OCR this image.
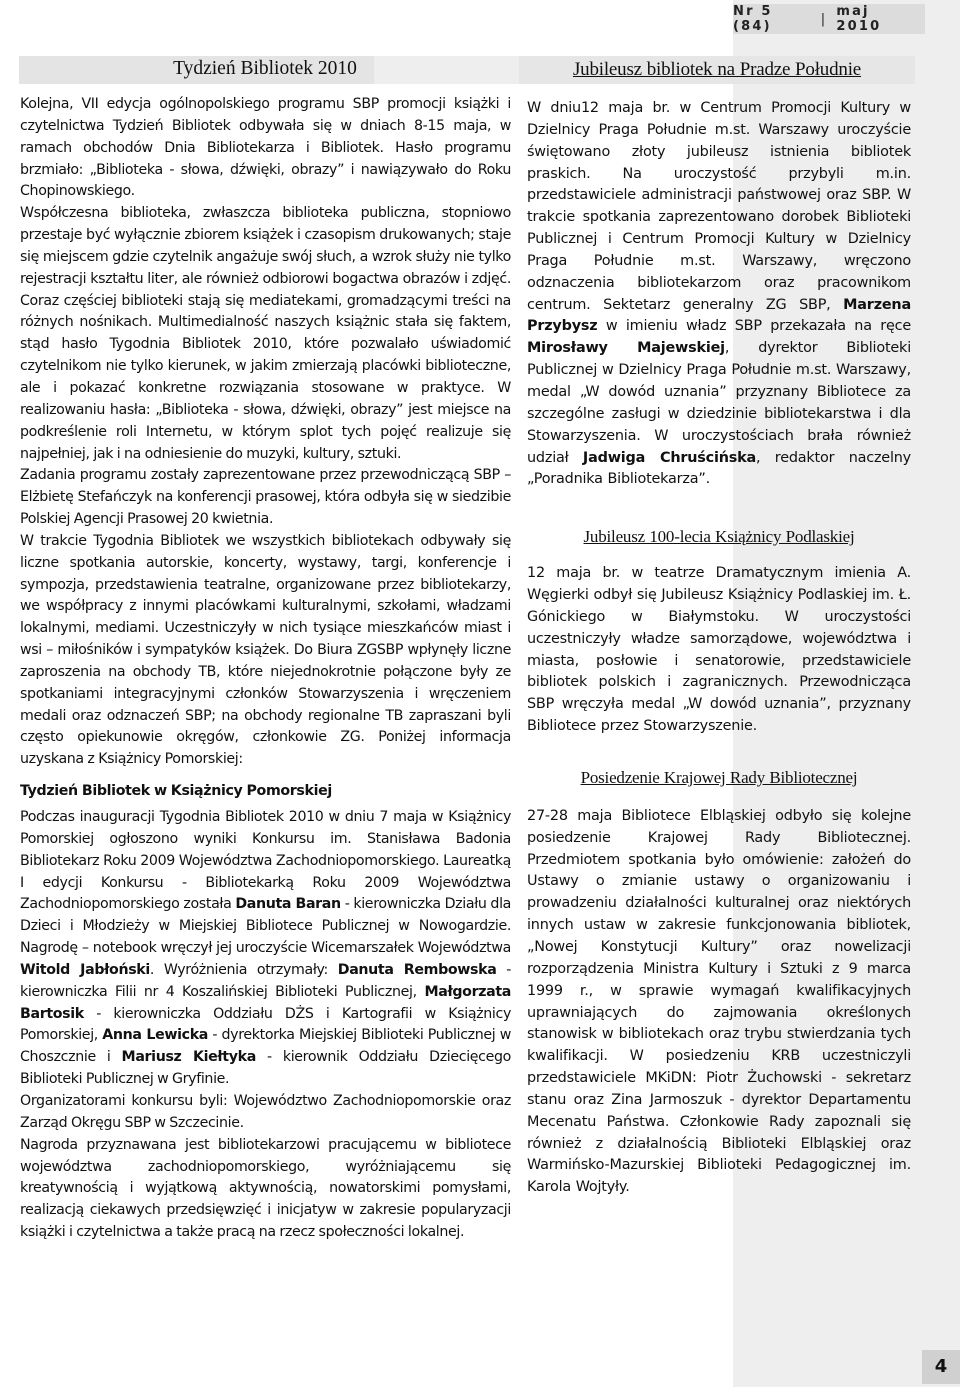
Nr 5 (84)	| maj 2010
Tydzień Bibliotek 2010

Kolejna, VII edycja ogólnopolskiego programu SBP promocji książki i czytelnictwa Tydzień Bibliotek odbywała się w dniach 8-15 maja, w ramach obchodów Dnia Bibliotekarza i Bibliotek. Hasło programu brzmiało: „Biblioteka - słowa, dźwięki, obrazy” i nawiązywało do Roku Chopinowskiego.

Współczesna biblioteka, zwłaszcza biblioteka publiczna, stopniowo przestaje być wyłącznie zbiorem książek i czasopism drukowanych; staje się miejscem gdzie czytelnik angażuje swój słuch, a wzrok służy nie tylko rejestracji kształtu liter, ale również odbiorowi bogactwa obrazów i zdjęć. Coraz częściej biblioteki stają się mediatekami, gromadzącymi treści na różnych nośnikach. Multimedialność naszych książnic stała się faktem, stąd hasło Tygodnia Bibliotek 2010, które pozwalało uświadomić czytelnikom nie tylko kierunek, w jakim zmierzają placówki biblioteczne, ale i pokazać konkretne rozwiązania stosowane w praktyce. W realizowaniu hasła: „Biblioteka - słowa, dźwięki, obrazy” jest miejsce na podkreślenie roli Internetu, w którym splot tych pojęć realizuje się najpełniej, jak i na odniesienie do muzyki, kultury, sztuki.

Zadania programu zostały zaprezentowane przez przewodniczącą SBP – Elżbietę Stefańczyk na konferencji prasowej, która odbyła się w siedzibie Polskiej Agencji Prasowej 20 kwietnia.

W trakcie Tygodnia Bibliotek we wszystkich bibliotekach odbywały się liczne spotkania autorskie, koncerty, wystawy, targi, konferencje i sympozja, przedstawienia teatralne, organizowane przez bibliotekarzy, we współpracy z innymi placówkami kulturalnymi, szkołami, władzami lokalnymi, mediami. Uczestniczyły w nich tysiące mieszkańców miast i wsi – miłośników i sympatyków książek. Do Biura ZGSBP wpłynęły liczne zaproszenia na obchody TB, które niejednokrotnie połączone były ze spotkaniami integracyjnymi członków Stowarzyszenia i wręczeniem medali oraz odznaczeń SBP; na obchody regionalne TB zapraszani byli często opiekunowie okręgów, członkowie ZG. Poniżej informacja uzyskana z Książnicy Pomorskiej:

Tydzień Bibliotek w Książnicy Pomorskiej

Podczas inauguracji Tygodnia Bibliotek 2010 w dniu 7 maja w Książnicy Pomorskiej ogłoszono wyniki Konkursu im. Stanisława Badonia Bibliotekarz Roku 2009 Województwa Zachodniopomorskiego. Laureatką I edycji Konkursu - Bibliotekarką Roku 2009 Województwa Zachodniopomorskiego została Danuta Baran - kierowniczka Działu dla Dzieci i Młodzieży w Miejskiej Bibliotece Publicznej w Nowogardzie. Nagrodę – notebook wręczył jej uroczyście Wicemarszałek Województwa Witold Jabłoński. Wyróżnienia otrzymały: Danuta Rembowska - kierowniczka Filii nr 4 Koszalińskiej Biblioteki Publicznej, Małgorzata Bartosik - kierowniczka Oddziału DŻS i Kartografii w Książnicy Pomorskiej, Anna Lewicka - dyrektorka Miejskiej Biblioteki Publicznej w Choszcznie i Mariusz Kiełtyka - kierownik Oddziału Dziecięcego Biblioteki Publicznej w Gryfinie.

Organizatorami konkursu byli: Województwo Zachodniopomorskie oraz Zarząd Okręgu SBP w Szczecinie.

Nagroda przyznawana jest bibliotekarzowi pracującemu w bibliotece województwa zachodniopomorskiego, wyróżniającemu się kreatywnością i wyjątkową aktywnością, nowatorskimi pomysłami, realizacją ciekawych przedsięwzięć i inicjatyw w zakresie popularyzacji książki i czytelnictwa a także pracą na rzecz społeczności lokalnej.

Jubileusz bibliotek na Pradze Południe

W dniu12 maja br. w Centrum Promocji Kultury w Dzielnicy Praga Południe m.st. Warszawy uroczyście świętowano złoty jubileusz istnienia bibliotek praskich. Na uroczystość przybyli m.in. przedstawiciele administracji państwowej oraz SBP. W trakcie spotkania zaprezentowano dorobek Biblioteki Publicznej i Centrum Promocji Kultury w Dzielnicy Praga Południe m.st. Warszawy, wręczono odznaczenia bibliotekarzom oraz pracownikom centrum. Sektetarz generalny ZG SBP, Marzena Przybysz w imieniu władz SBP przekazała na ręce Mirosławy Majewskiej, dyrektor Biblioteki Publicznej w Dzielnicy Praga Południe m.st. Warszawy, medal „W dowód uznania” przyznany Bibliotece za szczególne zasługi w dziedzinie bibliotekarstwa i dla Stowarzyszenia. W uroczystościach brała również udział Jadwiga Chruścińska, redaktor naczelny „Poradnika Bibliotekarza”.

Jubileusz 100-lecia Książnicy Podlaskiej

12 maja br. w teatrze Dramatycznym imienia A. Węgierki odbył się Jubileusz Książnicy Podlaskiej im. Ł. Gónickiego w Białymstoku. W uroczystości uczestniczyły władze samorządowe, województwa i miasta, posłowie i senatorowie, przedstawiciele bibliotek polskich i zagranicznych. Przewodnicząca SBP wręczyła medal „W dowód uznania”, przyznany Bibliotece przez Stowarzyszenie.

Posiedzenie Krajowej Rady Bibliotecznej

27-28 maja Bibliotece Elbląskiej odbyło się kolejne posiedzenie Krajowej Rady Bibliotecznej. Przedmiotem spotkania było omówienie: założeń do Ustawy o zmianie ustawy o organizowaniu i prowadzeniu działalności kulturalnej oraz niektórych innych ustaw w zakresie funkcjonowania bibliotek, „Nowej Konstytucji Kultury” oraz nowelizacji rozporządzenia Ministra Kultury i Sztuki z 9 marca 1999 r., w sprawie wymagań kwalifikacyjnych uprawniających do zajmowania określonych stanowisk w bibliotekach oraz trybu stwierdzania tych kwalifikacji. W posiedzeniu KRB uczestniczyli przedstawiciele MKiDN: Piotr Żuchowski - sekretarz stanu oraz Zina Jarmoszuk - dyrektor Departamentu Mecenatu Państwa. Członkowie Rady zapoznali się również z działalnością Biblioteki Elbląskiej oraz Warmińsko-Mazurskiej Biblioteki Pedagogicznej im. Karola Wojtyły.

4
